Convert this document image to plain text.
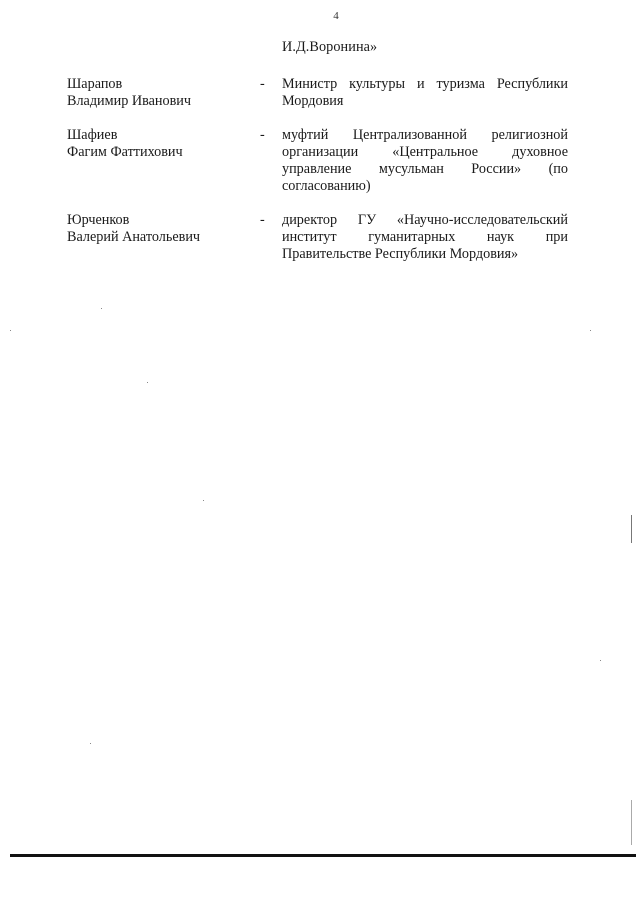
4
И.Д.Воронина»
Шарапов
Владимир Иванович
- Министр культуры и туризма Республики
Мордовия
Шафиев
Фагим Фаттихович
- муфтий Централизованной религиозной
организации «Центральное духовное
управление мусульман России» (по
согласованию)
Юрченков
Валерий Анатольевич
- директор ГУ «Научно-исследовательский
институт гуманитарных наук при
Правительстве Республики Мордовия»
